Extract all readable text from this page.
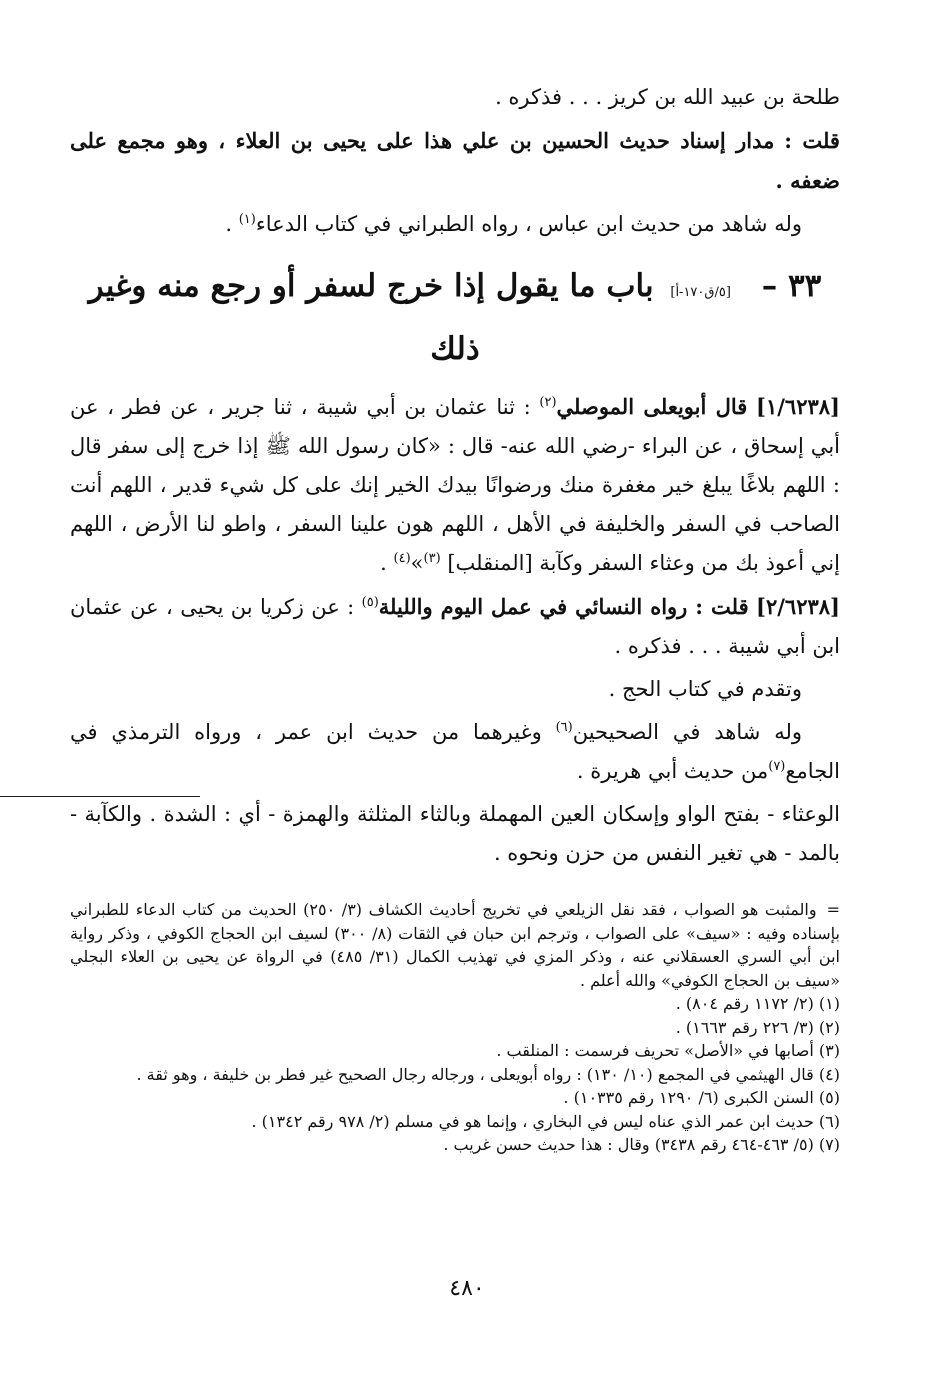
طلحة بن عبيد الله بن كريز . . . فذكره .

قلت : مدار إسناد حديث الحسين بن علي هذا على يحيى بن العلاء ، وهو مجمع على ضعفه .

وله شاهد من حديث ابن عباس ، رواه الطبراني في كتاب الدعاء$^{(١)}$ .

٣٣ – [٥/ق١٧٠-أ] باب ما يقول إذا خرج لسفر أو رجع منه وغير ذلك

[١/٦٢٣٨] قال أبويعلى الموصلي$^{(٢)}$ : ثنا عثمان بن أبي شيبة ، ثنا جرير ، عن فطر ، عن أبي إسحاق ، عن البراء -رضي الله عنه- قال : «كان رسول الله ﷺ إذا خرج إلى سفر قال : اللهم بلاغًا يبلغ خير مغفرة منك ورضوانًا بيدك الخير إنك على كل شيء قدير ، اللهم أنت الصاحب في السفر والخليفة في الأهل ، اللهم هون علينا السفر ، واطو لنا الأرض ، اللهم إني أعوذ بك من وعثاء السفر وكآبة [المنقلب] $^{(٣)}$»$^{(٤)}$ .

[٢/٦٢٣٨] قلت : رواه النسائي في عمل اليوم والليلة$^{(٥)}$ : عن زكريا بن يحيى ، عن عثمان ابن أبي شيبة . . . فذكره .

وتقدم في كتاب الحج .

وله شاهد في الصحيحين$^{(٦)}$ وغيرهما من حديث ابن عمر ، ورواه الترمذي في الجامع$^{(٧)}$من حديث أبي هريرة .

الوعثاء - بفتح الواو وإسكان العين المهملة وبالثاء المثلثة والهمزة - أي : الشدة . والكآبة - بالمد - هي تغير النفس من حزن ونحوه .

=والمثبت هو الصواب ، فقد نقل الزيلعي في تخريج أحاديث الكشاف (٣/ ٢٥٠) الحديث من كتاب الدعاء للطبراني بإسناده وفيه : «سيف» على الصواب ، وترجم ابن حبان في الثقات (٨/ ٣٠٠) لسيف ابن الحجاج الكوفي ، وذكر رواية ابن أبي السري العسقلاني عنه ، وذكر المزي في تهذيب الكمال (٣١/ ٤٨٥) في الرواة عن يحيى بن العلاء البجلي «سيف بن الحجاج الكوفي» والله أعلم .

(١) (٢/ ١١٧٢ رقم ٨٠٤) .

(٢) (٣/ ٢٢٦ رقم ١٦٦٣) .

(٣) أصابها في «الأصل» تحريف فرسمت : المنلقب .

(٤) قال الهيثمي في المجمع (١٠/ ١٣٠) : رواه أبويعلى ، ورجاله رجال الصحيح غير فطر بن خليفة ، وهو ثقة .

(٥) السنن الكبرى (٦/ ١٢٩٠ رقم ١٠٣٣٥) .

(٦) حديث ابن عمر الذي عناه ليس في البخاري ، وإنما هو في مسلم (٢/ ٩٧٨ رقم ١٣٤٢) .

(٧) (٥/ ٤٦٣-٤٦٤ رقم ٣٤٣٨) وقال : هذا حديث حسن غريب .

٤٨٠
